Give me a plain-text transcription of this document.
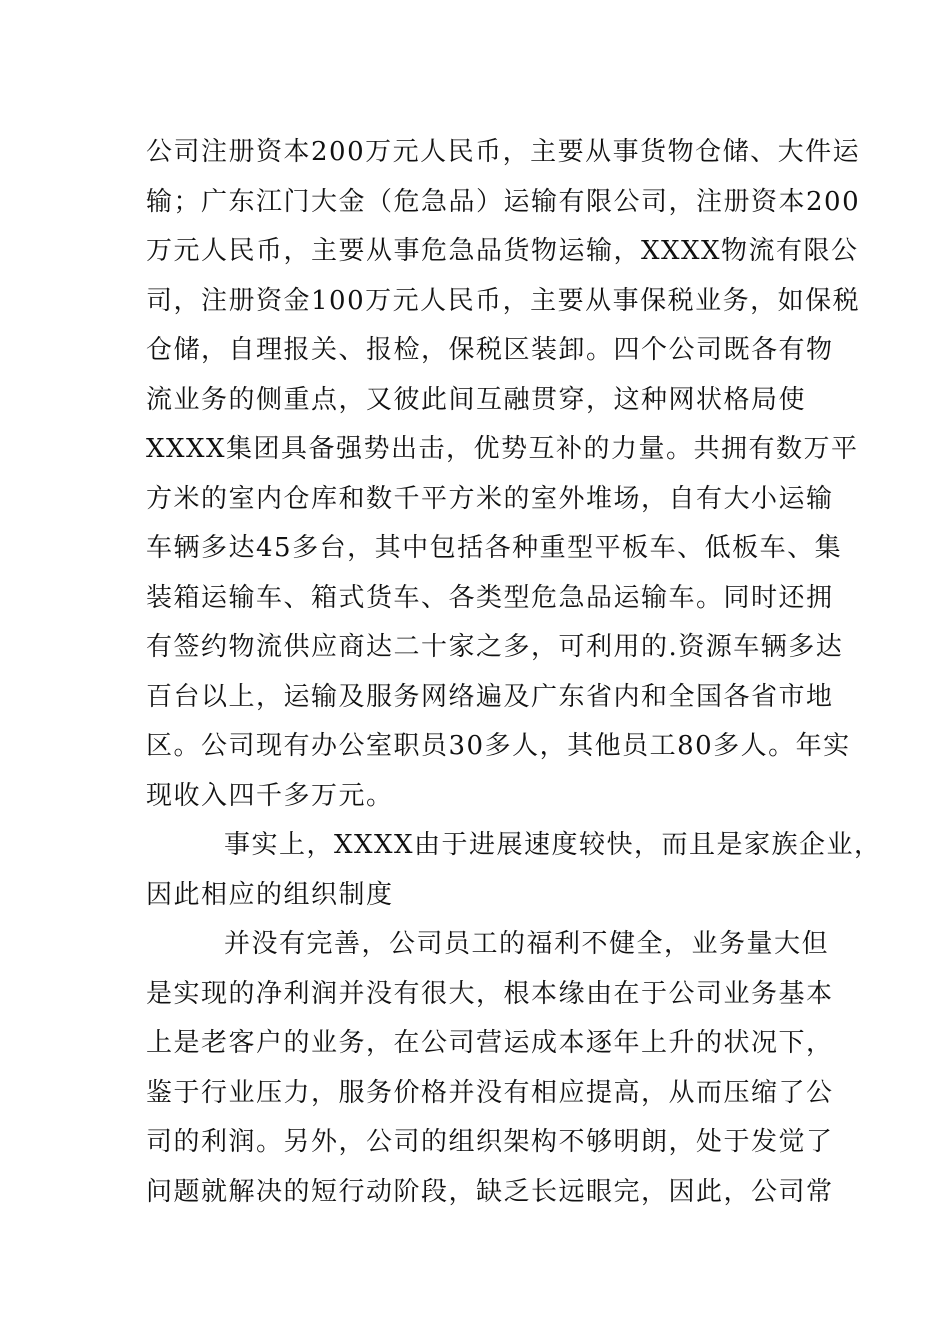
公司注册资本200万元人民币，主要从事货物仓储、大件运
输；广东江门大金（危急品）运输有限公司，注册资本200
万元人民币，主要从事危急品货物运输，XXXX物流有限公
司，注册资金100万元人民币，主要从事保税业务，如保税
仓储，自理报关、报检，保税区装卸。四个公司既各有物
流业务的侧重点，又彼此间互融贯穿，这种网状格局使
XXXX集团具备强势出击，优势互补的力量。共拥有数万平
方米的室内仓库和数千平方米的室外堆场，自有大小运输
车辆多达45多台，其中包括各种重型平板车、低板车、集
装箱运输车、箱式货车、各类型危急品运输车。同时还拥
有签约物流供应商达二十家之多，可利用的.资源车辆多达
百台以上，运输及服务网络遍及广东省内和全国各省市地
区。公司现有办公室职员30多人，其他员工80多人。年实
现收入四千多万元。
事实上，XXXX由于进展速度较快，而且是家族企业，
因此相应的组织制度
并没有完善，公司员工的福利不健全，业务量大但
是实现的净利润并没有很大，根本缘由在于公司业务基本
上是老客户的业务，在公司营运成本逐年上升的状况下，
鉴于行业压力，服务价格并没有相应提高，从而压缩了公
司的利润。另外，公司的组织架构不够明朗，处于发觉了
问题就解决的短行动阶段，缺乏长远眼完，因此，公司常
